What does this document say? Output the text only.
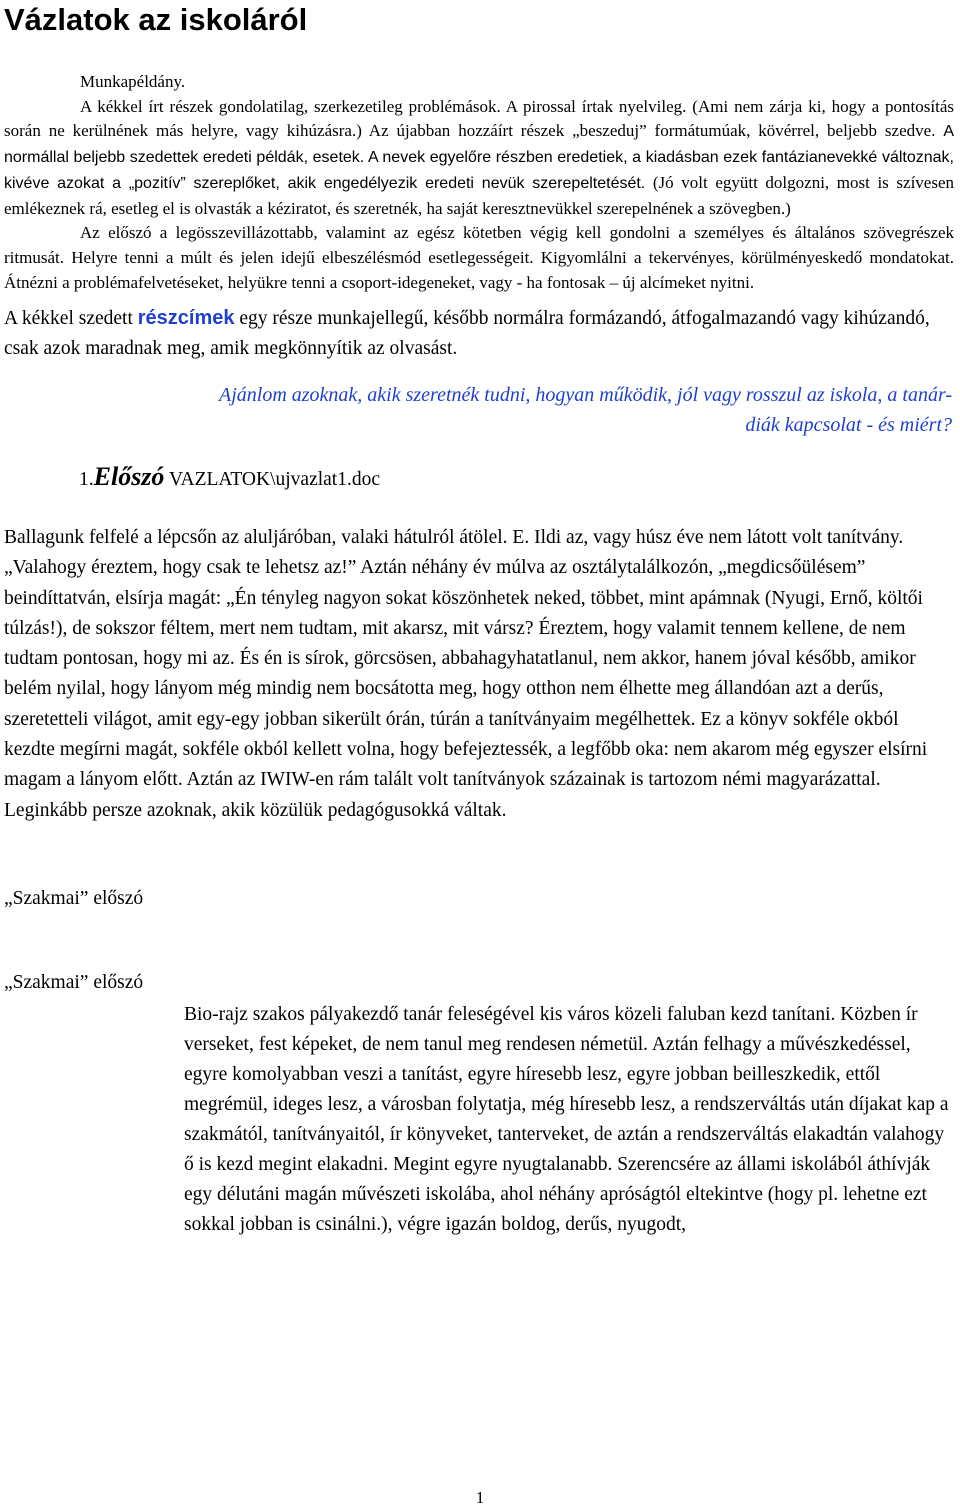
Vázlatok az iskoláról

Munkapéldány.

A kékkel írt részek gondolatilag, szerkezetileg problémások. A pirossal írtak nyelvileg. (Ami nem zárja ki, hogy a pontosítás során ne kerülnének más helyre, vagy kihúzásra.) Az újabban hozzáírt részek „beszeduj” formátumúak, kövérrel, beljebb szedve. A normállal beljebb szedettek eredeti példák, esetek. A nevek egyelőre részben eredetiek, a kiadásban ezek fantázianevekké változnak, kivéve azokat a „pozitív” szereplőket, akik engedélyezik eredeti nevük szerepeltetését. (Jó volt együtt dolgozni, most is szívesen emlékeznek rá, esetleg el is olvasták a kéziratot, és szeretnék, ha saját keresztnevükkel szerepelnének a szövegben.)

Az előszó a legösszevillázottabb, valamint az egész kötetben végig kell gondolni a személyes és általános szövegrészek ritmusát. Helyre tenni a múlt és jelen idejű elbeszélésmód esetlegességeit. Kigyomlálni a tekervényes, körülményeskedő mondatokat. Átnézni a problémafelvetéseket, helyükre tenni a csoport-idegeneket, vagy - ha fontosak – új alcímeket nyitni.

A kékkel szedett részcímek egy része munkajellegű, később normálra formázandó, átfogalmazandó vagy kihúzandó, csak azok maradnak meg, amik megkönnyítik az olvasást.

Ajánlom azoknak, akik szeretnék tudni, hogyan működik, jól vagy rosszul az iskola, a tanár-

diák kapcsolat - és miért?

1.Előszó VAZLATOK\ujvazlat1.doc

Ballagunk felfelé a lépcsőn az aluljáróban, valaki hátulról átölel. E. Ildi az, vagy húsz éve nem látott volt tanítvány. „Valahogy éreztem, hogy csak te lehetsz az!” Aztán néhány év múlva az osztálytalálkozón, „megdicsőülésem” beindíttatván, elsírja magát: „Én tényleg nagyon sokat köszönhetek neked, többet, mint apámnak (Nyugi, Ernő, költői túlzás!), de sokszor féltem, mert nem tudtam, mit akarsz, mit vársz? Éreztem, hogy valamit tennem kellene, de nem tudtam pontosan, hogy mi az. És én is sírok, görcsösen, abbahagyhatatlanul, nem akkor, hanem jóval később, amikor belém nyilal, hogy lányom még mindig nem bocsátotta meg, hogy otthon nem élhette meg állandóan azt a derűs, szeretetteli világot, amit egy-egy jobban sikerült órán, túrán a tanítványaim megélhettek. Ez a könyv sokféle okból kezdte megírni magát, sokféle okból kellett volna, hogy befejeztessék, a legfőbb oka: nem akarom még egyszer elsírni magam a lányom előtt. Aztán az IWIW-en rám talált volt tanítványok százainak is tartozom némi magyarázattal. Leginkább persze azoknak, akik közülük pedagógusokká váltak.

„Szakmai” előszó
„Szakmai” előszó

Bio-rajz szakos pályakezdő tanár feleségével kis város közeli faluban kezd tanítani. Közben ír verseket, fest képeket, de nem tanul meg rendesen németül. Aztán felhagy a művészkedéssel, egyre komolyabban veszi a tanítást, egyre híresebb lesz, egyre jobban beilleszkedik, ettől megrémül, ideges lesz, a városban folytatja, még híresebb lesz, a rendszerváltás után díjakat kap a szakmától, tanítványaitól, ír könyveket, tanterveket, de aztán a rendszerváltás elakadtán valahogy ő is kezd megint elakadni. Megint egyre nyugtalanabb. Szerencsére az állami iskolából áthívják egy délutáni magán művészeti iskolába, ahol néhány apróságtól eltekintve (hogy pl. lehetne ezt sokkal jobban is csinálni.), végre igazán boldog, derűs, nyugodt,

1
